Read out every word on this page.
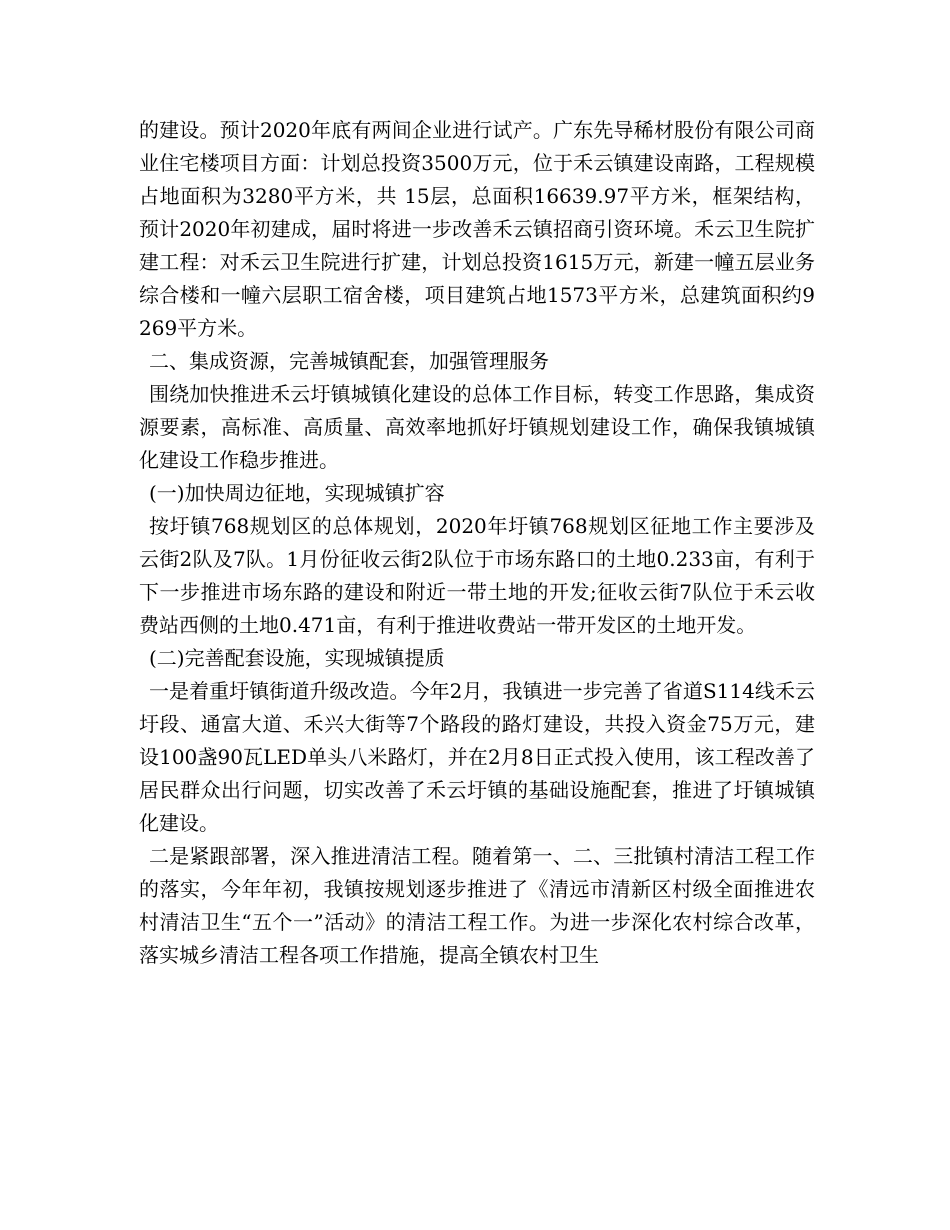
的建设。预计2020年底有两间企业进行试产。广东先导稀材股份有限公司商业住宅楼项目方面：计划总投资3500万元，位于禾云镇建设南路，工程规模占地面积为3280平方米，共 15层，总面积16639.97平方米，框架结构，预计2020年初建成，届时将进一步改善禾云镇招商引资环境。禾云卫生院扩建工程：对禾云卫生院进行扩建，计划总投资1615万元，新建一幢五层业务综合楼和一幢六层职工宿舍楼，项目建筑占地1573平方米，总建筑面积约9269平方米。

二、集成资源，完善城镇配套，加强管理服务

围绕加快推进禾云圩镇城镇化建设的总体工作目标，转变工作思路，集成资源要素，高标准、高质量、高效率地抓好圩镇规划建设工作，确保我镇城镇化建设工作稳步推进。

(一)加快周边征地，实现城镇扩容

按圩镇768规划区的总体规划，2020年圩镇768规划区征地工作主要涉及云街2队及7队。1月份征收云街2队位于市场东路口的土地0.233亩，有利于下一步推进市场东路的建设和附近一带土地的开发;征收云街7队位于禾云收费站西侧的土地0.471亩，有利于推进收费站一带开发区的土地开发。

(二)完善配套设施，实现城镇提质

一是着重圩镇街道升级改造。今年2月，我镇进一步完善了省道S114线禾云圩段、通富大道、禾兴大街等7个路段的路灯建设，共投入资金75万元，建设100盏90瓦LED单头八米路灯，并在2月8日正式投入使用，该工程改善了居民群众出行问题，切实改善了禾云圩镇的基础设施配套，推进了圩镇城镇化建设。

二是紧跟部署，深入推进清洁工程。随着第一、二、三批镇村清洁工程工作的落实，今年年初，我镇按规划逐步推进了《清远市清新区村级全面推进农村清洁卫生“五个一”活动》的清洁工程工作。为进一步深化农村综合改革，落实城乡清洁工程各项工作措施，提高全镇农村卫生
